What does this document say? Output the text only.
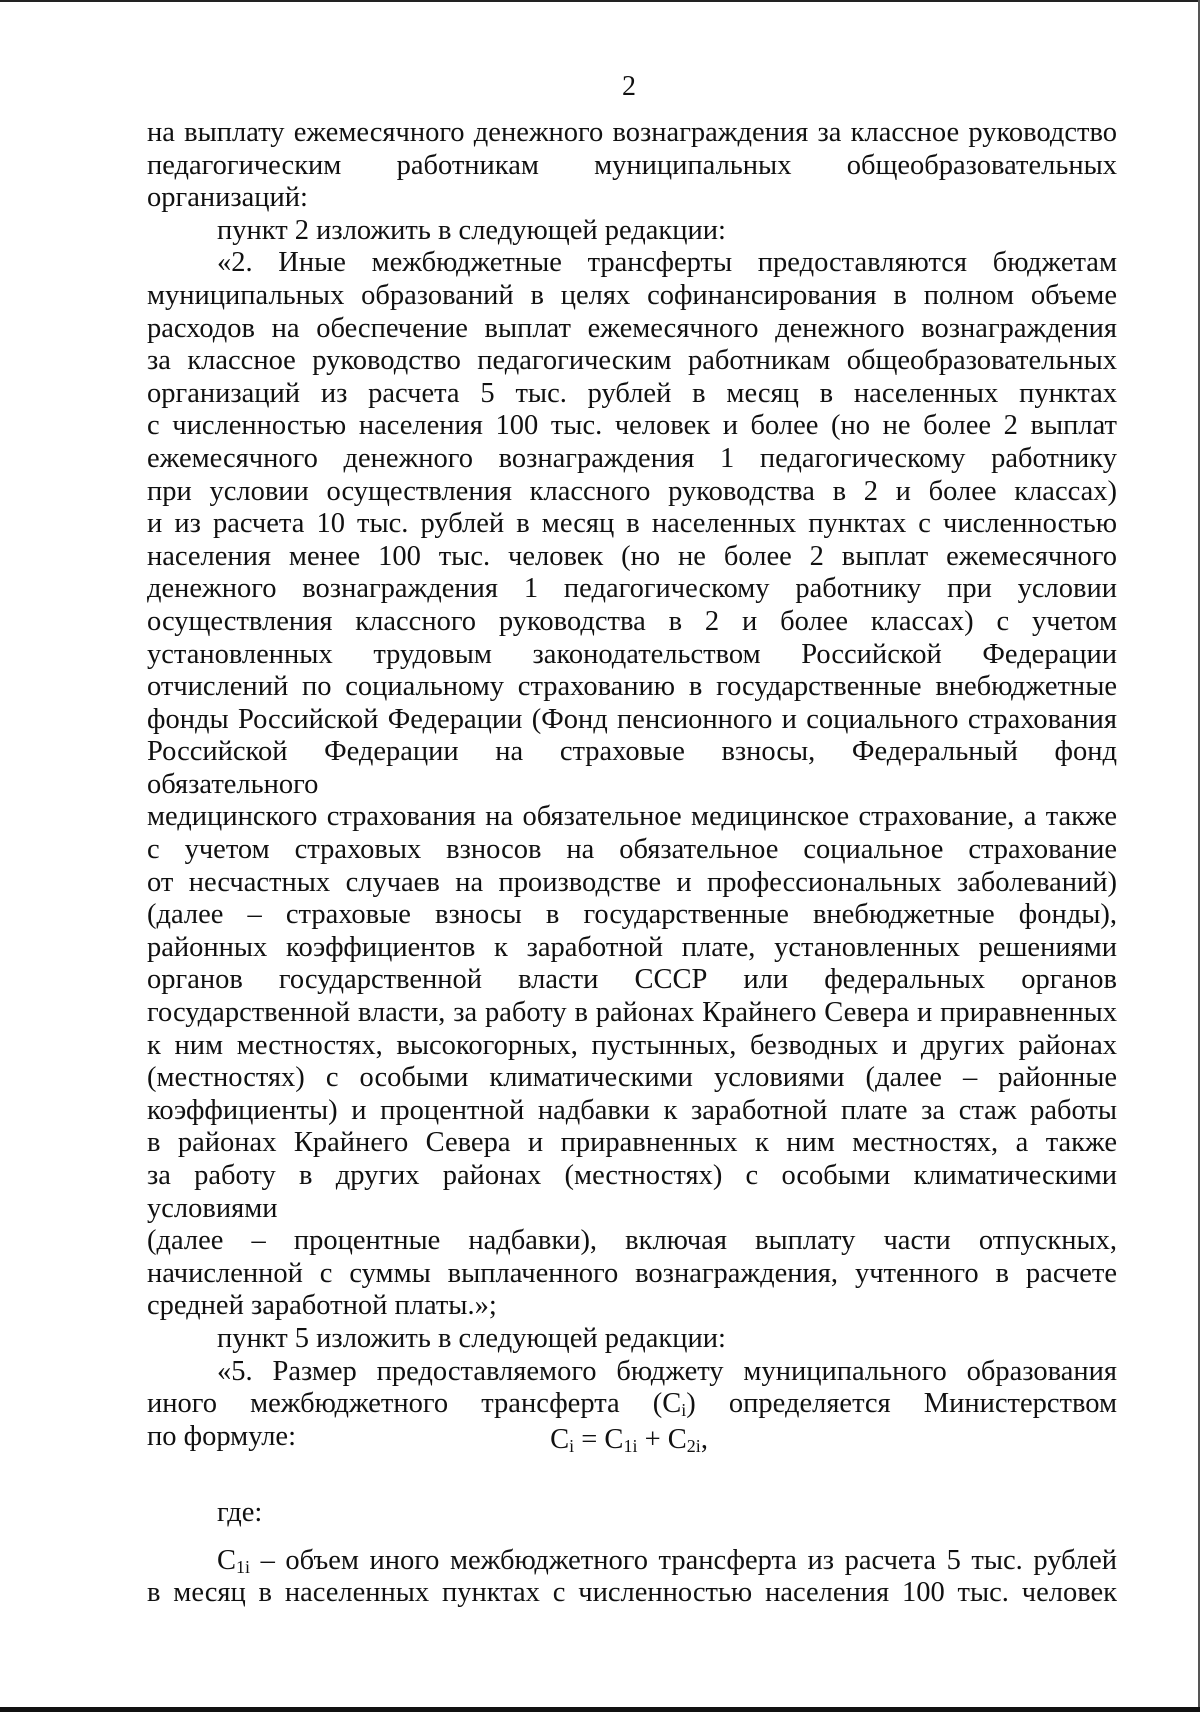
2

на выплату ежемесячного денежного вознаграждения за классное руководство

педагогическим работникам муниципальных общеобразовательных

организаций:

пункт 2 изложить в следующей редакции:

«2. Иные межбюджетные трансферты предоставляются бюджетам

муниципальных образований в целях софинансирования в полном объеме

расходов на обеспечение выплат ежемесячного денежного вознаграждения

за классное руководство педагогическим работникам общеобразовательных

организаций из расчета 5 тыс. рублей в месяц в населенных пунктах

с численностью населения 100 тыс. человек и более (но не более 2 выплат

ежемесячного денежного вознаграждения 1 педагогическому работнику

при условии осуществления классного руководства в 2 и более классах)

и из расчета 10 тыс. рублей в месяц в населенных пунктах с численностью

населения менее 100 тыс. человек (но не более 2 выплат ежемесячного

денежного вознаграждения 1 педагогическому работнику при условии

осуществления классного руководства в 2 и более классах) с учетом

установленных трудовым законодательством Российской Федерации

отчислений по социальному страхованию в государственные внебюджетные

фонды Российской Федерации (Фонд пенсионного и социального страхования

Российской Федерации на страховые взносы, Федеральный фонд обязательного

медицинского страхования на обязательное медицинское страхование, а также

с учетом страховых взносов на обязательное социальное страхование

от несчастных случаев на производстве и профессиональных заболеваний)

(далее – страховые взносы в государственные внебюджетные фонды),

районных коэффициентов к заработной плате, установленных решениями

органов государственной власти СССР или федеральных органов

государственной власти, за работу в районах Крайнего Севера и приравненных

к ним местностях, высокогорных, пустынных, безводных и других районах

(местностях) с особыми климатическими условиями (далее – районные

коэффициенты) и процентной надбавки к заработной плате за стаж работы

в районах Крайнего Севера и приравненных к ним местностях, а также

за работу в других районах (местностях) с особыми климатическими условиями

(далее – процентные надбавки), включая выплату части отпускных,

начисленной с суммы выплаченного вознаграждения, учтенного в расчете

средней заработной платы.»;

пункт 5 изложить в следующей редакции:

«5. Размер предоставляемого бюджету муниципального образования

иного межбюджетного трансферта $(C_i)$ определяется Министерством

по формуле:	$C_i = C_{1i} + C_{2i}$,

где:

$C_{1i}$ – объем иного межбюджетного трансферта из расчета 5 тыс. рублей

в месяц в населенных пунктах с численностью населения 100 тыс. человек
